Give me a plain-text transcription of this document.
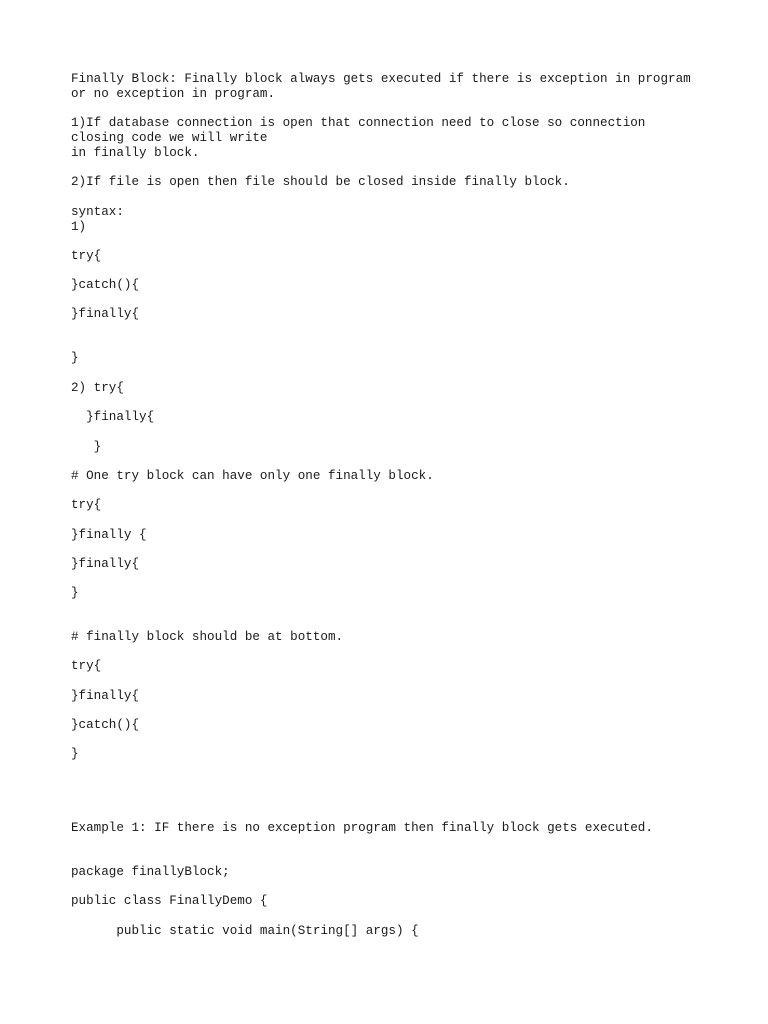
Finally Block: Finally block always gets executed if there is exception in program

or no exception in program.

1)If database connection is open that connection need to close so connection

closing code we will write

in finally block.

2)If file is open then file should be closed inside finally block.

syntax:

1)

try{

}catch(){

}finally{

}

2) try{

}finally{

}

# One try block can have only one finally block.

try{

}finally {

}finally{

}

# finally block should be at bottom.

try{

}finally{

}catch(){

}

Example 1: IF there is no exception program then finally block gets executed.

package finallyBlock;

public class FinallyDemo {

public static void main(String[] args) {
